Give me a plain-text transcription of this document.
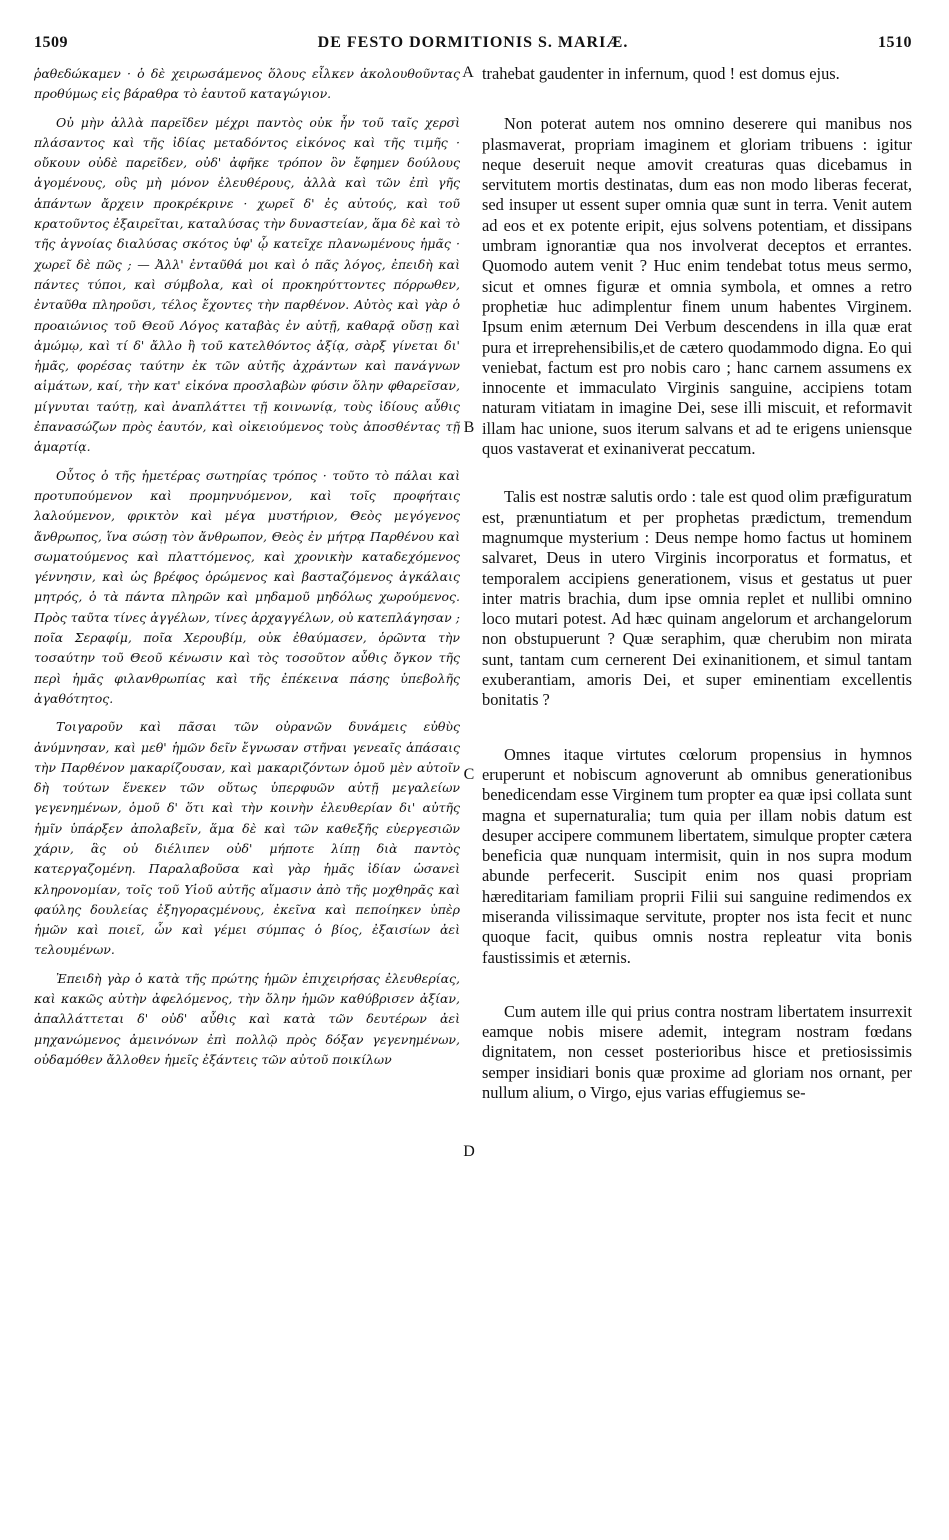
1509	DE FESTO DORMITIONIS S. MARIÆ.	1510

ῥαθεδώκαμεν · ὁ δὲ χειρωσάμενος ὅλους εἶλκεν ἀκολουθοῦντας προθύμως εἰς βάραθρα τὸ ἑαυτοῦ καταγώγιον.

Οὐ μὴν ἀλλὰ παρεῖδεν μέχρι παντὸς οὐκ ἦν τοῦ ταῖς χερσὶ πλάσαντος καὶ τῆς ἰδίας μεταδόντος εἰκόνος καὶ τῆς τιμῆς · οὔκουν οὐδὲ παρεῖδεν, οὐδ' ἀφῆκε τρόπον ὃν ἔφημεν δούλους ἀγομένους, οὓς μὴ μόνον ἐλευθέρους, ἀλλὰ καὶ τῶν ἐπὶ γῆς ἁπάντων ἄρχειν προκρέκρινε · χωρεῖ δ' ἐς αὐτούς, καὶ τοῦ κρατοῦντος ἐξαιρεῖται, καταλύσας τὴν δυναστείαν, ἅμα δὲ καὶ τὸ τῆς ἀγνοίας διαλύσας σκότος ὑφ' ᾧ κατεῖχε πλανωμένους ἡμᾶς · χωρεῖ δὲ πῶς ; — Ἀλλ' ἐνταῦθά μοι καὶ ὁ πᾶς λόγος, ἐπειδὴ καὶ πάντες τύποι, καὶ σύμβολα, καὶ οἱ προκηρύττοντες πόρρωθεν, ἐνταῦθα πληροῦσι, τέλος ἔχοντες τὴν παρθένον. Αὐτὸς καὶ γὰρ ὁ προαιώνιος τοῦ Θεοῦ Λόγος καταβὰς ἐν αὐτῇ, καθαρᾷ οὔσῃ καὶ ἀμώμῳ, καὶ τί δ' ἄλλο ἢ τοῦ κατελθόντος ἀξίᾳ, σὰρξ γίνεται δι' ἡμᾶς, φορέσας ταύτην ἐκ τῶν αὐτῆς ἀχράντων καὶ πανάγνων αἱμάτων, καί, τὴν κατ' εἰκόνα προσλαβὼν φύσιν ὅλην φθαρεῖσαν, μίγνυται ταύτῃ, καὶ ἀναπλάττει τῇ κοινωνίᾳ, τοὺς ἰδίους αὖθις ἐπανασώζων πρὸς ἑαυτόν, καὶ οἰκειούμενος τοὺς ἀποσθέντας τῇ ἁμαρτίᾳ.

Οὗτος ὁ τῆς ἡμετέρας σωτηρίας τρόπος · τοῦτο τὸ πάλαι καὶ προτυπούμενον καὶ προμηνυόμενον, καὶ τοῖς προφήταις λαλούμενον, φρικτὸν καὶ μέγα μυστήριον, Θεὸς μεγόγενος ἄνθρωπος, ἵνα σώσῃ τὸν ἄνθρωπον, Θεὸς ἐν μήτρᾳ Παρθένου καὶ σωματούμενος καὶ πλαττόμενος, καὶ χρονικὴν καταδεχόμενος γέννησιν, καὶ ὡς βρέφος ὁρώμενος καὶ βασταζόμενος ἀγκάλαις μητρός, ὁ τὰ πάντα πληρῶν καὶ μηδαμοῦ μηδόλως χωρούμενος. Πρὸς ταῦτα τίνες ἀγγέλων, τίνες ἀρχαγγέλων, οὐ κατεπλάγησαν ; ποῖα Σεραφίμ, ποῖα Χερουβίμ, οὐκ ἐθαύμασεν, ὁρῶντα τὴν τοσαύτην τοῦ Θεοῦ κένωσιν καὶ τὸς τοσοῦτον αὖθις ὄγκον τῆς περὶ ἡμᾶς φιλανθρωπίας καὶ τῆς ἐπέκεινα πάσης ὑπεβολῆς ἀγαθότητος.

Τοιγαροῦν καὶ πᾶσαι τῶν οὐρανῶν δυνάμεις εὐθὺς ἀνύμνησαν, καὶ μεθ' ἡμῶν δεῖν ἔγνωσαν στῆναι γενεαῖς ἁπάσαις τὴν Παρθένον μακαρίζουσαν, καὶ μακαριζόντων ὁμοῦ μὲν αὐτοῖν δὴ τούτων ἕνεκεν τῶν οὕτως ὑπερφυῶν αὐτῇ μεγαλείων γεγενημένων, ὁμοῦ δ' ὅτι καὶ τὴν κοινὴν ἐλευθερίαν δι' αὐτῆς ἡμῖν ὑπάρξεν ἀπολαβεῖν, ἅμα δὲ καὶ τῶν καθεξῆς εὐεργεσιῶν χάριν, ἃς οὐ διέλιπεν οὐδ' μήποτε λίπῃ διὰ παντὸς κατεργαζομένη. Παραλαβοῦσα καὶ γὰρ ἡμᾶς ἰδίαν ὡσανεὶ κληρονομίαν, τοῖς τοῦ Υἱοῦ αὐτῆς αἵμασιν ἀπὸ τῆς μοχθηρᾶς καὶ φαύλης δουλείας ἐξηγοραςμένους, ἐκεῖνα καὶ πεποίηκεν ὑπὲρ ἡμῶν καὶ ποιεῖ, ὧν καὶ γέμει σύμπας ὁ βίος, ἐξαισίων ἀεὶ τελουμένων.

Ἐπειδὴ γὰρ ὁ κατὰ τῆς πρώτης ἡμῶν ἐπιχειρήσας ἐλευθερίας, καὶ κακῶς αὐτὴν ἀφελόμενος, τὴν ὅλην ἡμῶν καθύβρισεν ἀξίαν, ἀπαλλάττεται δ' οὐδ' αὖθις καὶ κατὰ τῶν δευτέρων ἀεὶ μηχανώμενος ἀμεινόνων ἐπὶ πολλῷ πρὸς δόξαν γεγενημένων, οὐδαμόθεν ἄλλοθεν ἡμεῖς ἐξάντεις τῶν αὐτοῦ ποικίλων

trahebat gaudenter in infernum, quod ! est domus ejus.

Non poterat autem nos omnino deserere qui manibus nos plasmaverat, propriam imaginem et gloriam tribuens : igitur neque deseruit neque amovit creaturas quas dicebamus in servitutem mortis destinatas, dum eas non modo liberas fecerat, sed insuper ut essent super omnia quæ sunt in terra. Venit autem ad eos et ex potente eripit, ejus solvens potentiam, et dissipans umbram ignorantiæ qua nos involverat deceptos et errantes. Quomodo autem venit ? Huc enim tendebat totus meus sermo, sicut et omnes figuræ et omnia symbola, et omnes a retro prophetiæ huc adimplentur finem unum habentes Virginem. Ipsum enim æternum Dei Verbum descendens in illa quæ erat pura et irreprehensibilis,et de cætero quodammodo digna. Eo qui veniebat, factum est pro nobis caro ; hanc carnem assumens ex innocente et immaculato Virginis sanguine, accipiens totam naturam vitiatam in imagine Dei, sese illi miscuit, et reformavit illam hac unione, suos iterum salvans et ad te erigens uniensque quos vastaverat et exinaniverat peccatum.

Talis est nostræ salutis ordo : tale est quod olim præfiguratum est, prænuntiatum et per prophetas prædictum, tremendum magnumque mysterium : Deus nempe homo factus ut hominem salvaret, Deus in utero Virginis incorporatus et formatus, et temporalem accipiens generationem, visus et gestatus ut puer inter matris brachia, dum ipse omnia replet et nullibi omnino loco mutari potest. Ad hæc quinam angelorum et archangelorum non obstupuerunt ? Quæ seraphim, quæ cherubim non mirata sunt, tantam cum cernerent Dei exinanitionem, et simul tantam exuberantiam, amoris Dei, et super eminentiam excellentis bonitatis ?

Omnes itaque virtutes cœlorum propensius in hymnos eruperunt et nobiscum agnoverunt ab omnibus generationibus benedicendam esse Virginem tum propter ea quæ ipsi collata sunt magna et supernaturalia; tum quia per illam nobis datum est desuper accipere communem libertatem, simulque propter cætera beneficia quæ nunquam intermisit, quin in nos supra modum abunde perfecerit. Suscipit enim nos quasi propriam hæreditariam familiam proprii Filii sui sanguine redimendos ex miseranda vilissimaque servitute, propter nos ista fecit et nunc quoque facit, quibus omnis nostra repleatur vita bonis faustissimis et æternis.

Cum autem ille qui prius contra nostram libertatem insurrexit eamque nobis misere ademit, integram nostram fœdans dignitatem, non cesset posterioribus hisce et pretiosissimis semper insidiari bonis quæ proxime ad gloriam nos ornant, per nullum alium, o Virgo, ejus varias effugiemus se-

A
B
C
D
